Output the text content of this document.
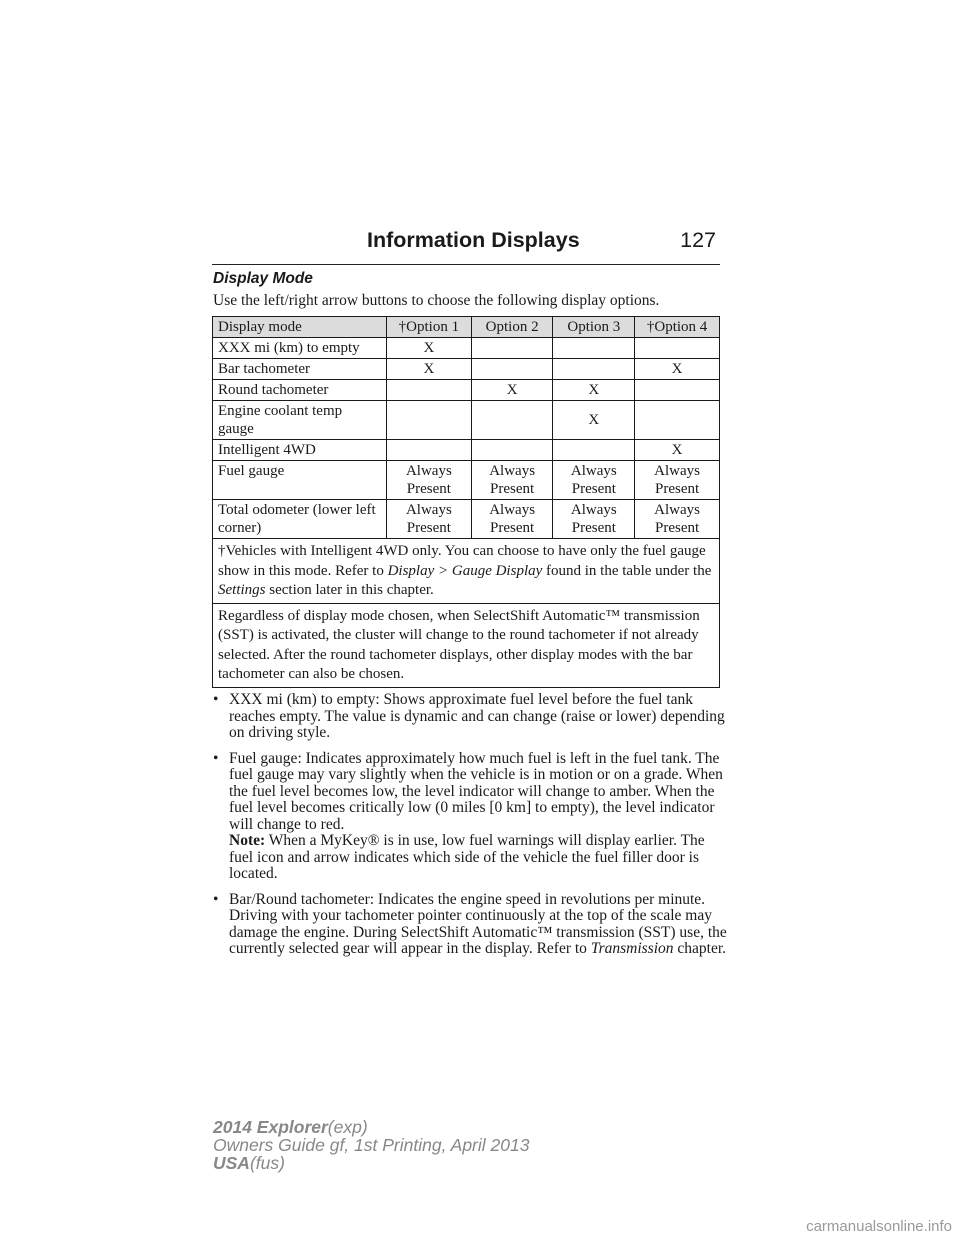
Information Displays	127
Display Mode
Use the left/right arrow buttons to choose the following display options.
Display mode	†Option 1	Option 2	Option 3	†Option 4
XXX mi (km) to empty	X			
Bar tachometer	X			X
Round tachometer		X	X	
Engine coolant temp gauge			X	
Intelligent 4WD				X
Fuel gauge	Always Present	Always Present	Always Present	Always Present
Total odometer (lower left corner)	Always Present	Always Present	Always Present	Always Present
†Vehicles with Intelligent 4WD only. You can choose to have only the fuel gauge show in this mode. Refer to Display > Gauge Display found in the table under the Settings section later in this chapter.				
Regardless of display mode chosen, when SelectShift Automatic™ transmission (SST) is activated, the cluster will change to the round tachometer if not already selected. After the round tachometer displays, other display modes with the bar tachometer can also be chosen.				
• XXX mi (km) to empty: Shows approximate fuel level before the fuel tank reaches empty. The value is dynamic and can change (raise or lower) depending on driving style.
• Fuel gauge: Indicates approximately how much fuel is left in the fuel tank. The fuel gauge may vary slightly when the vehicle is in motion or on a grade. When the fuel level becomes low, the level indicator will change to amber. When the fuel level becomes critically low (0 miles [0 km] to empty), the level indicator will change to red.
Note: When a MyKey® is in use, low fuel warnings will display earlier. The fuel icon and arrow indicates which side of the vehicle the fuel filler door is located.
• Bar/Round tachometer: Indicates the engine speed in revolutions per minute. Driving with your tachometer pointer continuously at the top of the scale may damage the engine. During SelectShift Automatic™ transmission (SST) use, the currently selected gear will appear in the display. Refer to Transmission chapter.
2014 Explorer(exp)
Owners Guide gf, 1st Printing, April 2013
USA(fus)
carmanualsonline.info
